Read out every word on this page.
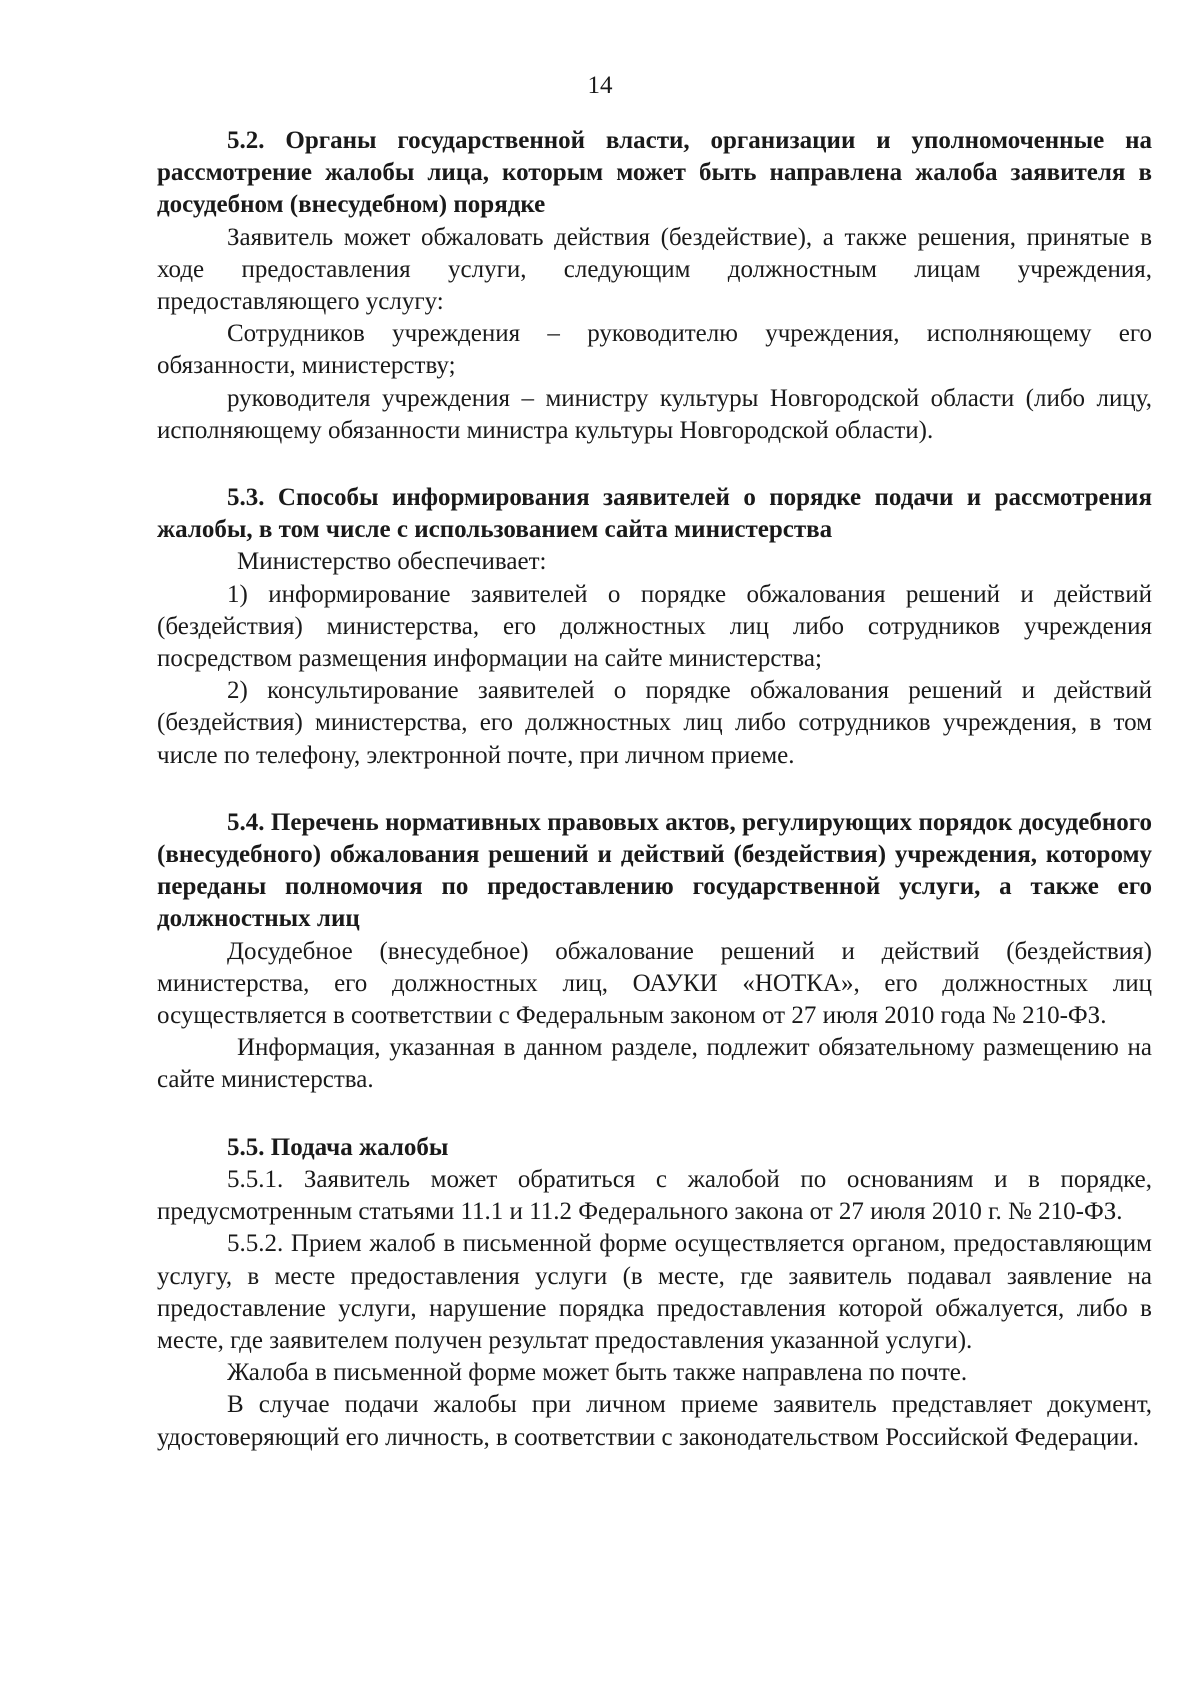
14

5.2. Органы государственной власти, организации и уполномоченные на рассмотрение жалобы лица, которым может быть направлена жалоба заявителя в досудебном (внесудебном) порядке

Заявитель может обжаловать действия (бездействие), а также решения, принятые в ходе предоставления услуги, следующим должностным лицам учреждения, предоставляющего услугу:

Сотрудников учреждения – руководителю учреждения, исполняющему его обязанности, министерству;

руководителя учреждения – министру культуры Новгородской области (либо лицу, исполняющему обязанности министра культуры Новгородской области).

5.3. Способы информирования заявителей о порядке подачи и рассмотрения жалобы, в том числе с использованием сайта министерства

Министерство обеспечивает:

1) информирование заявителей о порядке обжалования решений и действий (бездействия) министерства, его должностных лиц либо сотрудников учреждения посредством размещения информации на сайте министерства;

2) консультирование заявителей о порядке обжалования решений и действий (бездействия) министерства, его должностных лиц либо сотрудников учреждения, в том числе по телефону, электронной почте, при личном приеме.

5.4. Перечень нормативных правовых актов, регулирующих порядок досудебного (внесудебного) обжалования решений и действий (бездействия) учреждения, которому переданы полномочия по предоставлению государственной услуги, а также его должностных лиц

Досудебное (внесудебное) обжалование решений и действий (бездействия) министерства, его должностных лиц, ОАУКИ «НОТКА», его должностных лиц осуществляется в соответствии с Федеральным законом от 27 июля 2010 года № 210-ФЗ.

Информация, указанная в данном разделе, подлежит обязательному размещению на сайте министерства.

5.5. Подача жалобы

5.5.1. Заявитель может обратиться с жалобой по основаниям и в порядке, предусмотренным статьями 11.1 и 11.2 Федерального закона от 27 июля 2010 г. № 210-ФЗ.

5.5.2. Прием жалоб в письменной форме осуществляется органом, предоставляющим услугу, в месте предоставления услуги (в месте, где заявитель подавал заявление на предоставление услуги, нарушение порядка предоставления которой обжалуется, либо в месте, где заявителем получен результат предоставления указанной услуги).

Жалоба в письменной форме может быть также направлена по почте.

В случае подачи жалобы при личном приеме заявитель представляет документ, удостоверяющий его личность, в соответствии с законодательством Российской Федерации.
